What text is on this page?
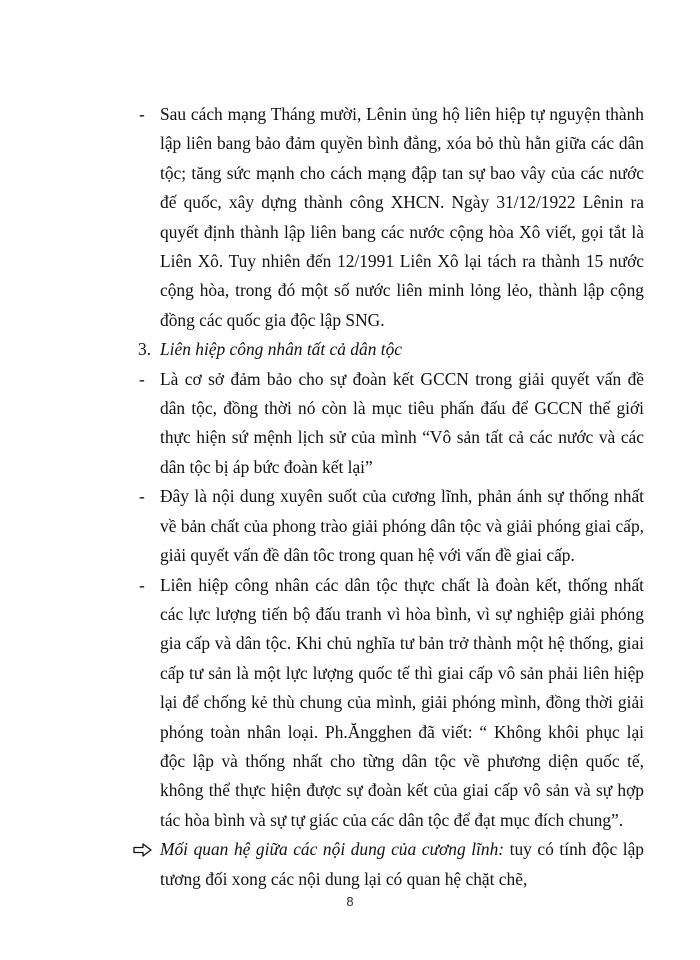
- Sau cách mạng Tháng mười, Lênin ủng hộ liên hiệp tự nguyện thành lập liên bang bảo đảm quyền bình đẳng, xóa bỏ thù hằn giữa các dân tộc; tăng sức mạnh cho cách mạng đập tan sự bao vây của các nước đế quốc, xây dựng thành công XHCN. Ngày 31/12/1922 Lênin ra quyết định thành lập liên bang các nước cộng hòa Xô viết, gọi tắt là Liên Xô. Tuy nhiên đến 12/1991 Liên Xô lại tách ra thành 15 nước cộng hòa, trong đó một số nước liên minh lỏng lẻo, thành lập cộng đồng các quốc gia độc lập SNG.
3. Liên hiệp công nhân tất cả dân tộc
- Là cơ sở đảm bảo cho sự đoàn kết GCCN trong giải quyết vấn đề dân tộc, đồng thời nó còn là mục tiêu phấn đấu để GCCN thế giới thực hiện sứ mệnh lịch sử của mình “Vô sản tất cả các nước và các dân tộc bị áp bức đoàn kết lại”
- Đây là nội dung xuyên suốt của cương lĩnh, phản ánh sự thống nhất về bản chất của phong trào giải phóng dân tộc và giải phóng giai cấp, giải quyết vấn đề dân tôc trong quan hệ với vấn đề giai cấp.
- Liên hiệp công nhân các dân tộc thực chất là đoàn kết, thống nhất các lực lượng tiến bộ đấu tranh vì hòa bình, vì sự nghiệp giải phóng gia cấp và dân tộc. Khi chủ nghĩa tư bản trở thành một hệ thống, giai cấp tư sản là một lực lượng quốc tế thì giai cấp vô sản phải liên hiệp lại để chống kẻ thù chung của mình, giải phóng mình, đồng thời giải phóng toàn nhân loại. Ph.Ăngghen đã viết: “ Không khôi phục lại độc lập và thống nhất cho từng dân tộc về phương diện quốc tế, không thể thực hiện được sự đoàn kết của giai cấp vô sản và sự hợp tác hòa bình và sự tự giác của các dân tộc để đạt mục đích chung”.
Mối quan hệ giữa các nội dung của cương lĩnh: tuy có tính độc lập tương đối xong các nội dung lại có quan hệ chặt chẽ,
8
